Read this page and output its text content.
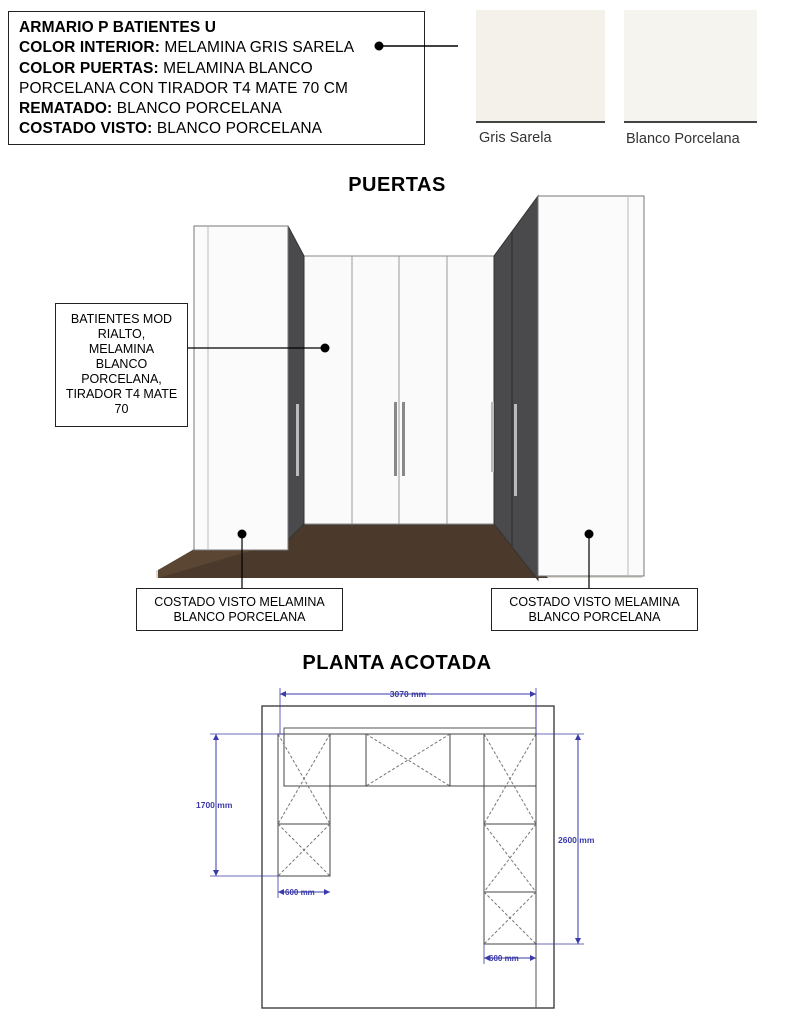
ARMARIO P BATIENTES U
COLOR INTERIOR: MELAMINA GRIS SARELA
COLOR PUERTAS: MELAMINA BLANCO
PORCELANA CON TIRADOR T4 MATE 70 CM
REMATADO: BLANCO PORCELANA
COSTADO VISTO: BLANCO PORCELANA
Gris Sarela	Blanco Porcelana
PUERTAS
BATIENTES MOD RIALTO, MELAMINA BLANCO PORCELANA, TIRADOR T4 MATE 70
COSTADO VISTO MELAMINA BLANCO PORCELANA
COSTADO VISTO MELAMINA BLANCO PORCELANA
PLANTA ACOTADA
3070 mm
1700 mm
2600 mm
600 mm
600 mm
